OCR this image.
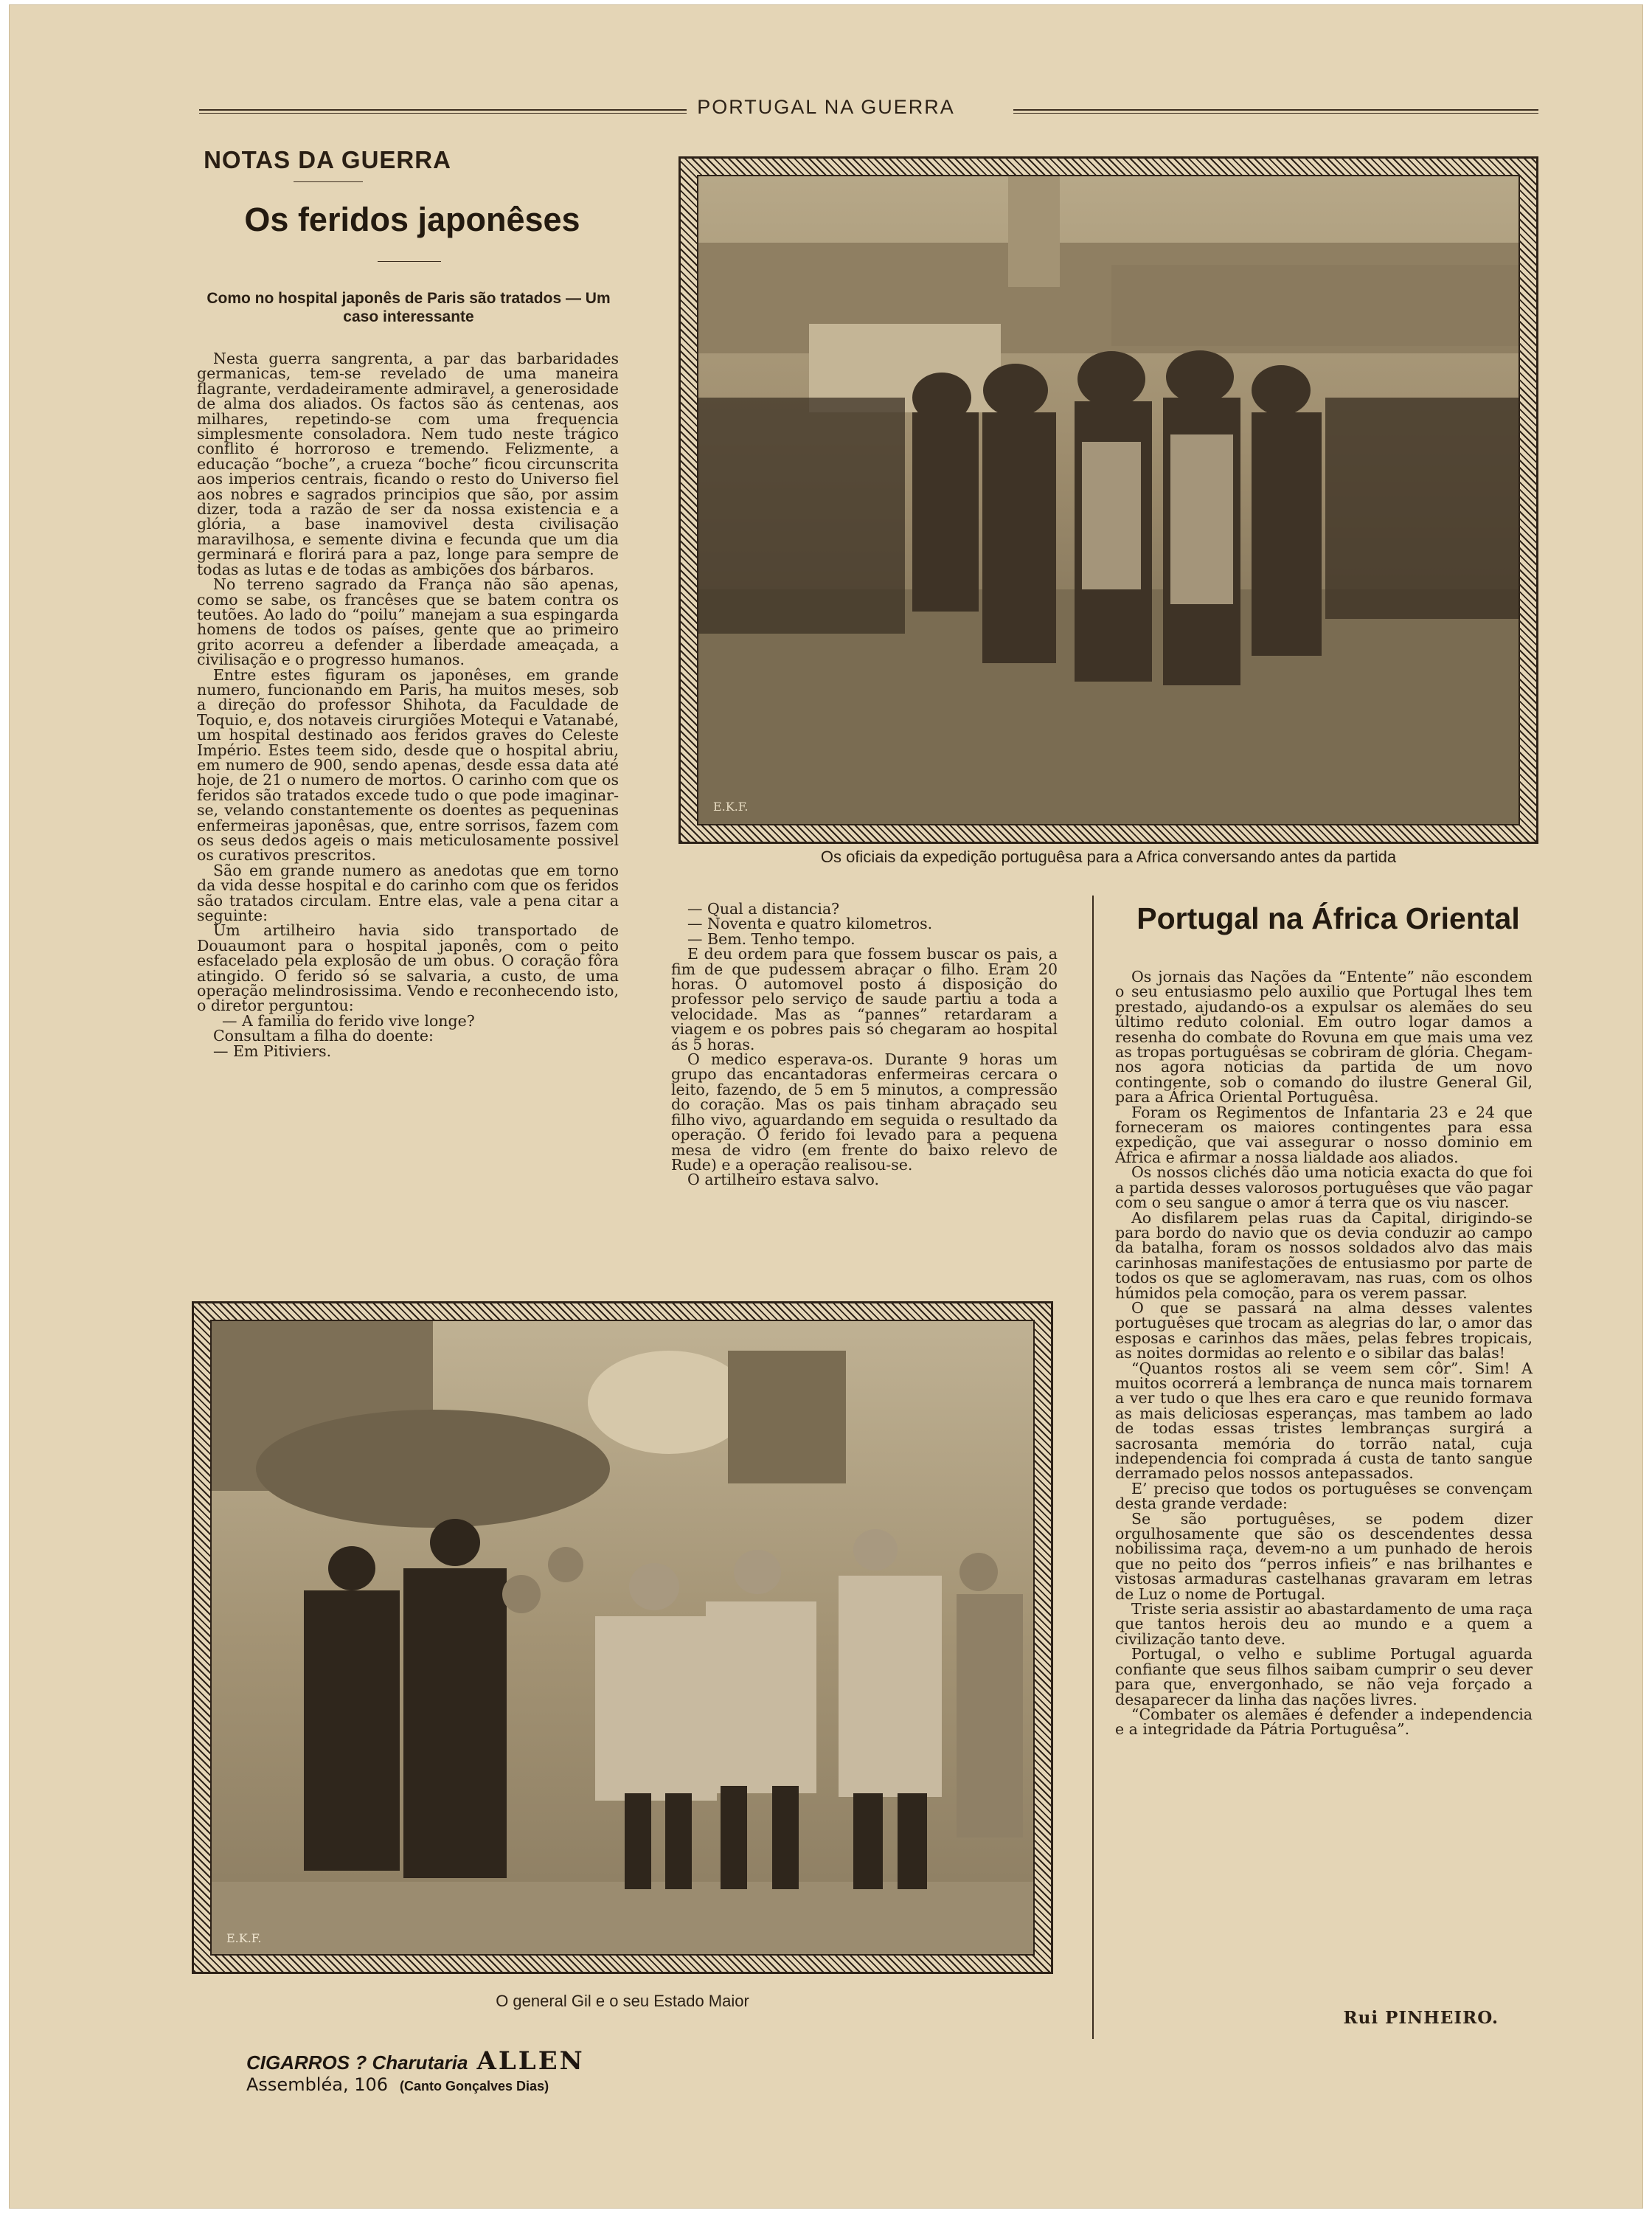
PORTUGAL NA GUERRA
NOTAS DA GUERRA
Os feridos japonêses
Como no hospital japonês de Paris são tratados — Um caso interessante

Nesta guerra sangrenta, a par das barbaridades germanicas, tem-se revelado de uma maneira flagrante, verdadeiramente admiravel, a generosidade de alma dos aliados. Os factos são ás centenas, aos milhares, repetindo-se com uma frequencia simplesmente consoladora. Nem tudo neste trágico conflito é horroroso e tremendo. Felizmente, a educação “boche”, a crueza “boche” ficou circunscrita aos imperios centrais, ficando o resto do Universo fiel aos nobres e sagrados principios que são, por assim dizer, toda a razão de ser da nossa existencia e a glória, a base inamovivel desta civilisação maravilhosa, e semente divina e fecunda que um dia germinará e florirá para a paz, longe para sempre de todas as lutas e de todas as ambições dos bárbaros.

No terreno sagrado da França não são apenas, como se sabe, os francêses que se batem contra os teutões. Ao lado do “poilu” manejam a sua espingarda homens de todos os países, gente que ao primeiro grito acorreu a defender a liberdade ameaçada, a civilisação e o progresso humanos.

Entre estes figuram os japonêses, em grande numero, funcionando em Paris, ha muitos meses, sob a direção do professor Shihota, da Faculdade de Toquio, e, dos notaveis cirurgiões Motequi e Vatanabé, um hospital destinado aos feridos graves do Celeste Império. Estes teem sido, desde que o hospital abriu, em numero de 900, sendo apenas, desde essa data até hoje, de 21 o numero de mortos. O carinho com que os feridos são tratados excede tudo o que pode imaginar-se, velando constantemente os doentes as pequeninas enfermeiras japonêsas, que, entre sorrisos, fazem com os seus dedos ageis o mais meticulosamente possivel os curativos prescritos.

São em grande numero as anedotas que em torno da vida desse hospital e do carinho com que os feridos são tratados circulam. Entre elas, vale a pena citar a seguinte:

Um artilheiro havia sido transportado de Douaumont para o hospital japonês, com o peito esfacelado pela explosão de um obus. O coração fôra atingido. O ferido só se salvaria, a custo, de uma operação melindrosissima. Vendo e reconhecendo isto, o diretor perguntou:

— A familia do ferido vive longe?

Consultam a filha do doente:

— Em Pitiviers.

E.K.F.
Os oficiais da expedição portuguêsa para a Africa conversando antes da partida

— Qual a distancia?

— Noventa e quatro kilometros.

— Bem. Tenho tempo.

E deu ordem para que fossem buscar os pais, a fim de que pudessem abraçar o filho. Eram 20 horas. O automovel posto á disposição do professor pelo serviço de saude partiu a toda a velocidade. Mas as “pannes” retardaram a viagem e os pobres pais só chegaram ao hospital ás 5 horas.

O medico esperava-os. Durante 9 horas um grupo das encantadoras enfermeiras cercara o leito, fazendo, de 5 em 5 minutos, a compressão do coração. Mas os pais tinham abraçado seu filho vivo, aguardando em seguida o resultado da operação. O ferido foi levado para a pequena mesa de vidro (em frente do baixo relevo de Rude) e a operação realisou-se.

O artilheiro estava salvo.

Portugal na África Oriental

Os jornais das Nações da “Entente” não escondem o seu entusiasmo pelo auxilio que Portugal lhes tem prestado, ajudando-os a expulsar os alemães do seu último reduto colonial. Em outro logar damos a resenha do combate do Rovuna em que mais uma vez as tropas portuguêsas se cobriram de glória. Chegam-nos agora noticias da partida de um novo contingente, sob o comando do ilustre General Gil, para a África Oriental Portuguêsa.

Foram os Regimentos de Infantaria 23 e 24 que forneceram os maiores contingentes para essa expedição, que vai assegurar o nosso dominio em África e afirmar a nossa lialdade aos aliados.

Os nossos clichés dão uma noticia exacta do que foi a partida desses valorosos portuguêses que vão pagar com o seu sangue o amor á terra que os viu nascer.

Ao disfilarem pelas ruas da Capital, dirigindo-se para bordo do navio que os devia conduzir ao campo da batalha, foram os nossos soldados alvo das mais carinhosas manifestações de entusiasmo por parte de todos os que se aglomeravam, nas ruas, com os olhos húmidos pela comoção, para os verem passar.

O que se passará na alma desses valentes portuguêses que trocam as alegrias do lar, o amor das esposas e carinhos das mães, pelas febres tropicais, as noites dormidas ao relento e o sibilar das balas!

“Quantos rostos ali se veem sem côr”. Sim! A muitos ocorrerá a lembrança de nunca mais tornarem a ver tudo o que lhes era caro e que reunido formava as mais deliciosas esperanças, mas tambem ao lado de todas essas tristes lembranças surgirá a sacrosanta memória do torrão natal, cuja independencia foi comprada á custa de tanto sangue derramado pelos nossos antepassados.

E’ preciso que todos os portuguêses se convençam desta grande verdade:

Se são portuguêses, se podem dizer orgulhosamente que são os descendentes dessa nobilissima raça, devem-no a um punhado de herois que no peito dos “perros infieis” e nas brilhantes e vistosas armaduras castelhanas gravaram em letras de Luz o nome de Portugal.

Triste seria assistir ao abastardamento de uma raça que tantos herois deu ao mundo e a quem a civilização tanto deve.

Portugal, o velho e sublime Portugal aguarda confiante que seus filhos saibam cumprir o seu dever para que, envergonhado, se não veja forçado a desaparecer da linha das nações livres.

“Combater os alemães é defender a independencia e a integridade da Pátria Portuguêsa”.

Rui PINHEIRO.
E.K.F.
O general Gil e o seu Estado Maior
CIGARROS ? Charutaria ALLEN
Assembléa, 106 (Canto Gonçalves Dias)
